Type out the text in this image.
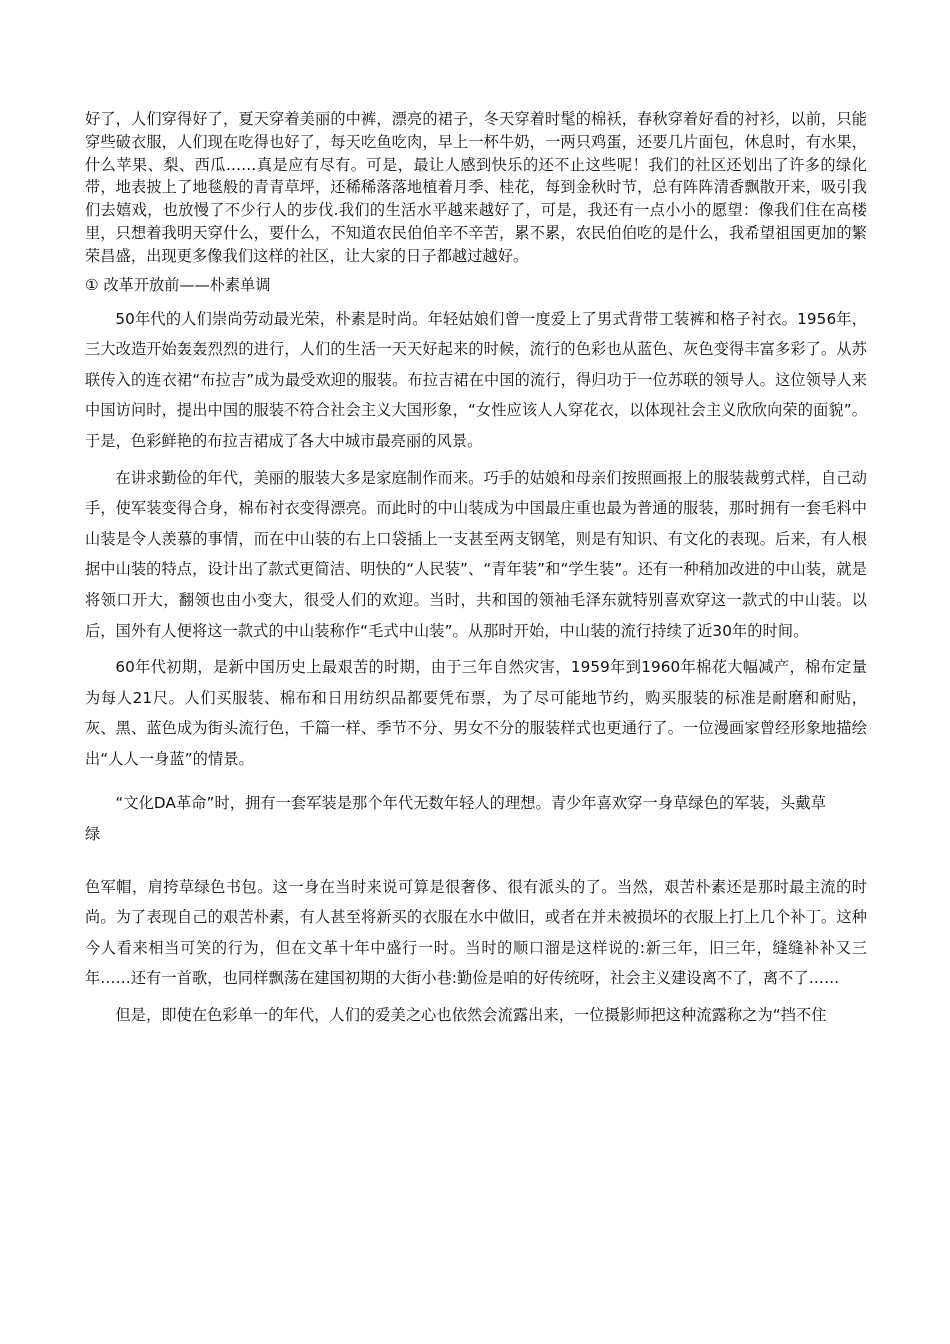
好了，人们穿得好了，夏天穿着美丽的中裤，漂亮的裙子，冬天穿着时髦的棉袄，春秋穿着好看的衬衫，以前，只能穿些破衣服，人们现在吃得也好了，每天吃鱼吃肉，早上一杯牛奶，一两只鸡蛋，还要几片面包，休息时，有水果，什么苹果、梨、西瓜……真是应有尽有。可是，最让人感到快乐的还不止这些呢！我们的社区还划出了许多的绿化带，地表披上了地毯般的青青草坪，还稀稀落落地植着月季、桂花，每到金秋时节，总有阵阵清香飘散开来，吸引我们去嬉戏，也放慢了不少行人的步伐.我们的生活水平越来越好了，可是，我还有一点小小的愿望：像我们住在高楼里，只想着我明天穿什么，要什么，不知道农民伯伯辛不辛苦，累不累，农民伯伯吃的是什么，我希望祖国更加的繁荣昌盛，出现更多像我们这样的社区，让大家的日子都越过越好。

① 改革开放前——朴素单调

50年代的人们崇尚劳动最光荣，朴素是时尚。年轻姑娘们曾一度爱上了男式背带工装裤和格子衬衣。1956年，三大改造开始轰轰烈烈的进行，人们的生活一天天好起来的时候，流行的色彩也从蓝色、灰色变得丰富多彩了。从苏联传入的连衣裙“布拉吉”成为最受欢迎的服装。布拉吉裙在中国的流行，得归功于一位苏联的领导人。这位领导人来中国访问时，提出中国的服装不符合社会主义大国形象，“女性应该人人穿花衣，以体现社会主义欣欣向荣的面貌”。于是，色彩鲜艳的布拉吉裙成了各大中城市最亮丽的风景。

在讲求勤俭的年代，美丽的服装大多是家庭制作而来。巧手的姑娘和母亲们按照画报上的服装裁剪式样，自己动手，使军装变得合身，棉布衬衣变得漂亮。而此时的中山装成为中国最庄重也最为普通的服装，那时拥有一套毛料中山装是令人羡慕的事情，而在中山装的右上口袋插上一支甚至两支钢笔，则是有知识、有文化的表现。后来，有人根据中山装的特点，设计出了款式更简洁、明快的“人民装”、“青年装”和“学生装”。还有一种稍加改进的中山装，就是将领口开大，翻领也由小变大，很受人们的欢迎。当时，共和国的领袖毛泽东就特别喜欢穿这一款式的中山装。以后，国外有人便将这一款式的中山装称作“毛式中山装”。从那时开始，中山装的流行持续了近30年的时间。

60年代初期，是新中国历史上最艰苦的时期，由于三年自然灾害，1959年到1960年棉花大幅减产，棉布定量为每人21尺。人们买服装、棉布和日用纺织品都要凭布票，为了尽可能地节约，购买服装的标准是耐磨和耐贴，灰、黑、蓝色成为街头流行色，千篇一样、季节不分、男女不分的服装样式也更通行了。一位漫画家曾经形象地描绘出“人人一身蓝”的情景。

“文化DA革命”时，拥有一套军装是那个年代无数年轻人的理想。青少年喜欢穿一身草绿色的军装，头戴草
绿

色军帽，肩挎草绿色书包。这一身在当时来说可算是很奢侈、很有派头的了。当然，艰苦朴素还是那时最主流的时尚。为了表现自己的艰苦朴素，有人甚至将新买的衣服在水中做旧，或者在并未被损坏的衣服上打上几个补丁。这种今人看来相当可笑的行为，但在文革十年中盛行一时。当时的顺口溜是这样说的:新三年，旧三年，缝缝补补又三年……还有一首歌，也同样飘荡在建国初期的大街小巷:勤俭是咱的好传统呀，社会主义建设离不了，离不了……

但是，即使在色彩单一的年代，人们的爱美之心也依然会流露出来，一位摄影师把这种流露称之为“挡不住
